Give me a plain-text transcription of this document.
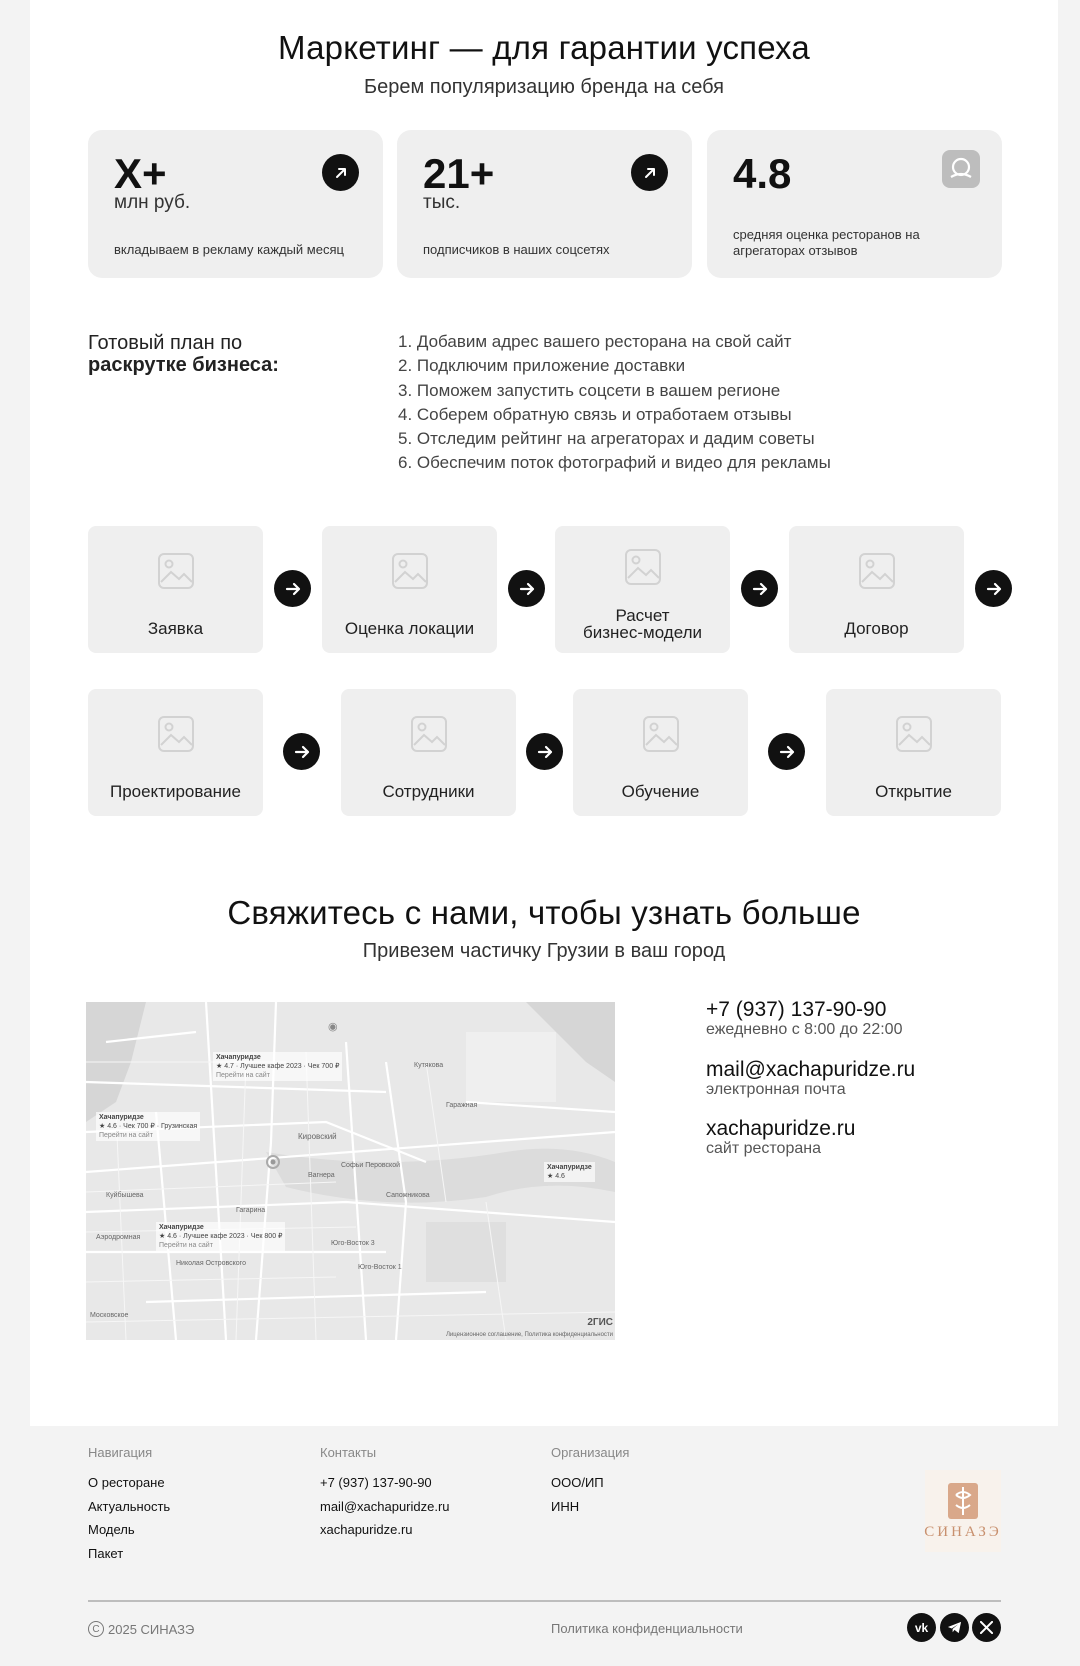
Маркетинг — для гарантии успеха
Берем популяризацию бренда на себя
X+
млн руб.
вкладываем в рекламу каждый месяц
21+
тыс.
подписчиков в наших соцсетях
4.8
средняя оценка ресторанов на агрегаторах отзывов
Готовый план по
раскрутке бизнеса:
1. Добавим адрес вашего ресторана на свой сайт
2. Подключим приложение доставки
3. Поможем запустить соцсети в вашем регионе
4. Соберем обратную связь и отработаем отзывы
5. Отследим рейтинг на агрегаторах и дадим советы
6. Обеспечим поток фотографий и видео для рекламы
Заявка	Оценка локации
Расчет
бизнес-модели	Договор
Проектирование	Сотрудники	Обучение	Открытие
Свяжитесь с нами, чтобы узнать больше
Привезем частичку Грузии в ваш город
◉
Хачапуридзе
★ 4.7 · Лучшее кафе 2023 · Чек 700 ₽
Перейти на сайт
Хачапуридзе
★ 4.6 · Чек 700 ₽ · Грузинская
Перейти на сайт
Хачапуридзе
★ 4.6 · Лучшее кафе 2023 · Чек 800 ₽
Перейти на сайт
Хачапуридзе
★ 4.6
Кировский
Вагнера
Софьи Перовской
Гагарина
Аэродромная
Московское
Юго-Восток 3
Юго-Восток 1
Николая Островского
Кутякова
Куйбышева
Гаражная
Сапожникова
2ГИС
Лицензионное соглашение, Политика конфиденциальности
+7 (937) 137-90-90
ежедневно с 8:00 до 22:00
mail@xachapuridze.ru
электронная почта
xachapuridze.ru
сайт ресторана
Навигация
О ресторане
Актуальность
Модель
Пакет
Контакты
+7 (937) 137-90-90
mail@xachapuridze.ru
xachapuridze.ru
Организация
ООО/ИП
ИНН
СИНАЗЭ
C 2025 СИНАЗЭ	Политика конфиденциальности	vk
